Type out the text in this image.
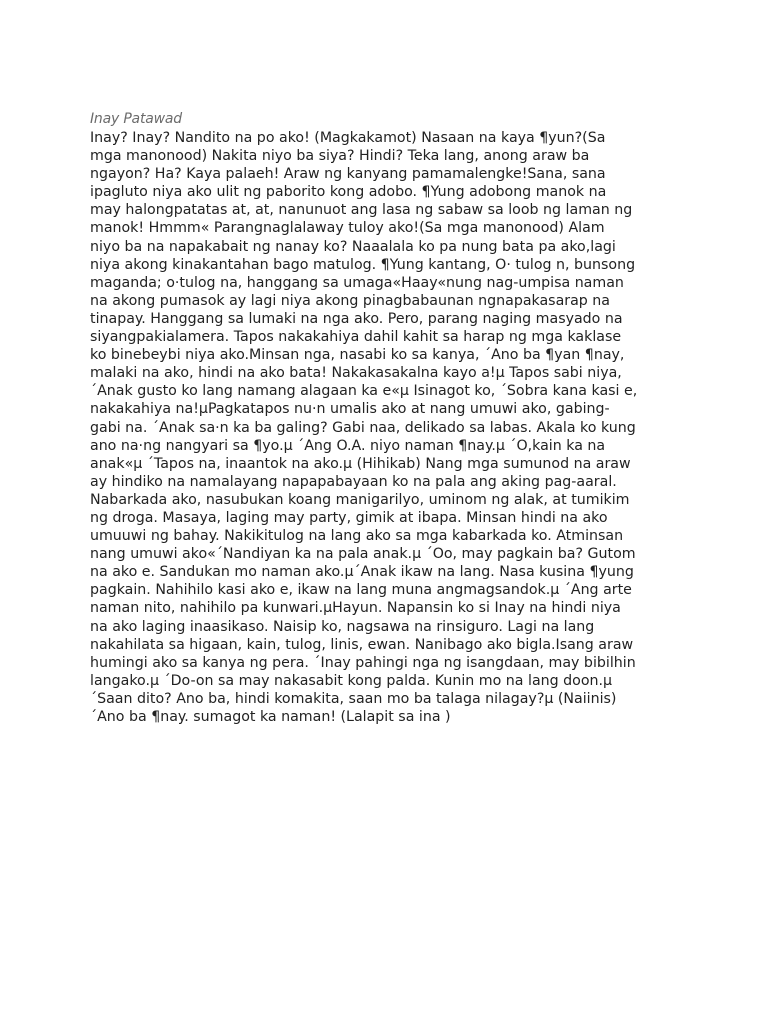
Inay Patawad
Inay? Inay? Nandito na po ako! (Magkakamot) Nasaan na kaya ¶yun?(Sa
mga manonood) Nakita niyo ba siya? Hindi? Teka lang, anong araw ba
ngayon? Ha? Kaya palaeh! Araw ng kanyang pamamalengke!Sana, sana
ipagluto niya ako ulit ng paborito kong adobo. ¶Yung adobong manok na
may halongpatatas at, at, nanunuot ang lasa ng sabaw sa loob ng laman ng
manok! Hmmm« Parangnaglalaway tuloy ako!(Sa mga manonood) Alam
niyo ba na napakabait ng nanay ko? Naaalala ko pa nung bata pa ako,lagi
niya akong kinakantahan bago matulog. ¶Yung kantang, O· tulog n, bunsong
maganda; o·tulog na, hanggang sa umaga«Haay«nung nag-umpisa naman
na akong pumasok ay lagi niya akong pinagbabaunan ngnapakasarap na
tinapay. Hanggang sa lumaki na nga ako. Pero, parang naging masyado na
siyangpakialamera. Tapos nakakahiya dahil kahit sa harap ng mga kaklase
ko binebeybi niya ako.Minsan nga, nasabi ko sa kanya, ´Ano ba ¶yan ¶nay,
malaki na ako, hindi na ako bata! Nakakasakalna kayo a!µ Tapos sabi niya,
´Anak gusto ko lang namang alagaan ka e«µ Isinagot ko, ´Sobra kana kasi e,
nakakahiya na!µPagkatapos nu·n umalis ako at nang umuwi ako, gabing-
gabi na. ´Anak sa·n ka ba galing? Gabi naa, delikado sa labas. Akala ko kung
ano na·ng nangyari sa ¶yo.µ ´Ang O.A. niyo naman ¶nay.µ ´O,kain ka na
anak«µ ´Tapos na, inaantok na ako.µ (Hihikab) Nang mga sumunod na araw
ay hindiko na namalayang napapabayaan ko na pala ang aking pag-aaral.
Nabarkada ako, nasubukan koang manigarilyo, uminom ng alak, at tumikim
ng droga. Masaya, laging may party, gimik at ibapa. Minsan hindi na ako
umuuwi ng bahay. Nakikitulog na lang ako sa mga kabarkada ko. Atminsan
nang umuwi ako«´Nandiyan ka na pala anak.µ ´Oo, may pagkain ba? Gutom
na ako e. Sandukan mo naman ako.µ´Anak ikaw na lang. Nasa kusina ¶yung
pagkain. Nahihilo kasi ako e, ikaw na lang muna angmagsandok.µ ´Ang arte
naman nito, nahihilo pa kunwari.µHayun. Napansin ko si Inay na hindi niya
na ako laging inaasikaso. Naisip ko, nagsawa na rinsiguro. Lagi na lang
nakahilata sa higaan, kain, tulog, linis, ewan. Nanibago ako bigla.Isang araw
humingi ako sa kanya ng pera. ´Inay pahingi nga ng isangdaan, may bibilhin
langako.µ ´Do-on sa may nakasabit kong palda. Kunin mo na lang doon.µ
´Saan dito? Ano ba, hindi komakita, saan mo ba talaga nilagay?µ (Naiinis)
´Ano ba ¶nay. sumagot ka naman! (Lalapit sa ina )
